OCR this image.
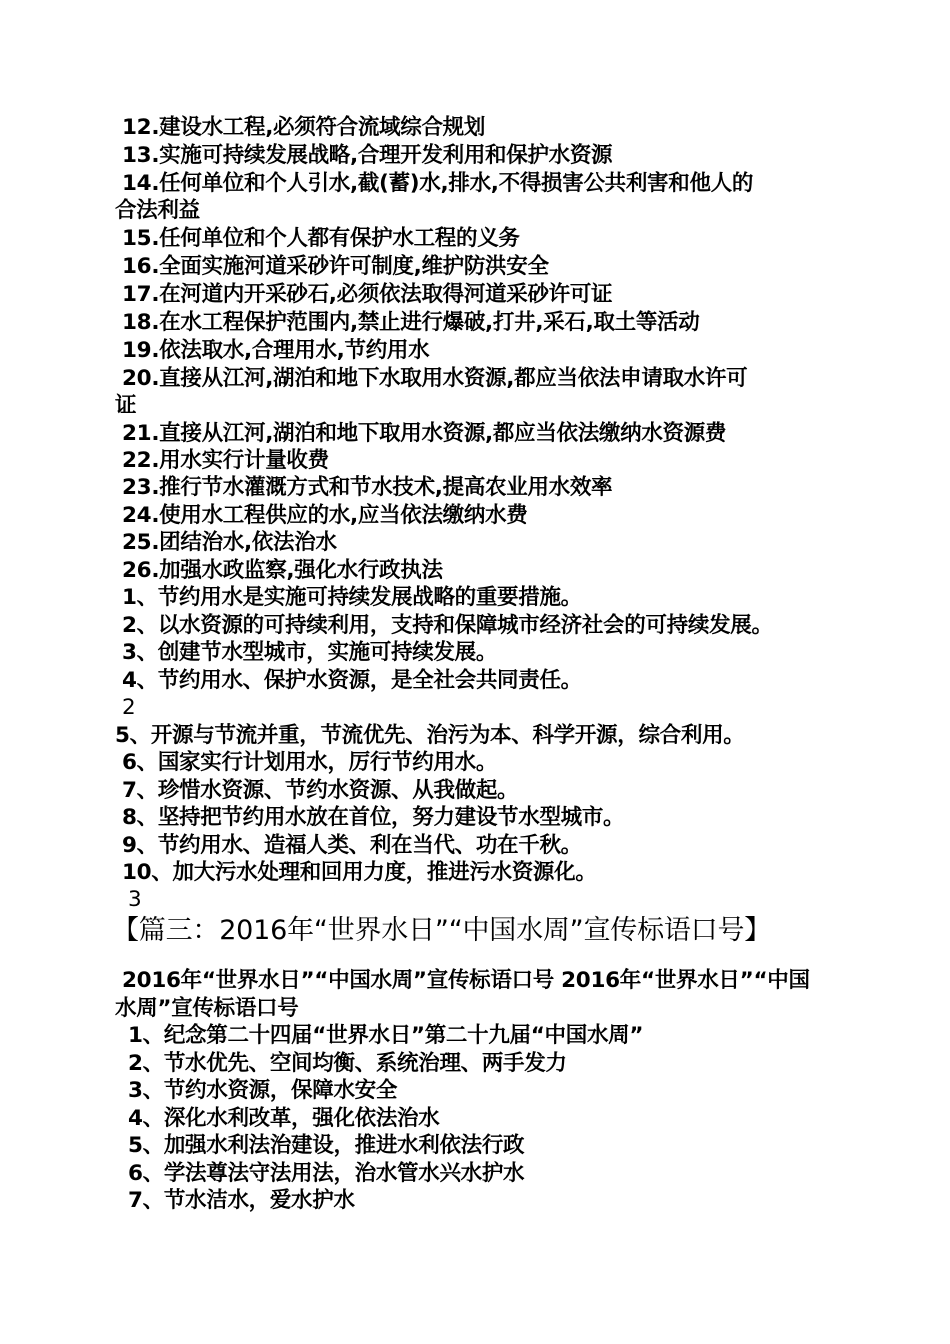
12.建设水工程,必须符合流域综合规划
13.实施可持续发展战略,合理开发利用和保护水资源
14.任何单位和个人引水,截(蓄)水,排水,不得损害公共利害和他人的
合法利益
15.任何单位和个人都有保护水工程的义务
16.全面实施河道采砂许可制度,维护防洪安全
17.在河道内开采砂石,必须依法取得河道采砂许可证
18.在水工程保护范围内,禁止进行爆破,打井,采石,取土等活动
19.依法取水,合理用水,节约用水
20.直接从江河,湖泊和地下水取用水资源,都应当依法申请取水许可
证
21.直接从江河,湖泊和地下取用水资源,都应当依法缴纳水资源费
22.用水实行计量收费
23.推行节水灌溉方式和节水技术,提高农业用水效率
24.使用水工程供应的水,应当依法缴纳水费
25.团结治水,依法治水
26.加强水政监察,强化水行政执法
1、节约用水是实施可持续发展战略的重要措施。
2、以水资源的可持续利用，支持和保障城市经济社会的可持续发展。
3、创建节水型城市，实施可持续发展。
4、节约用水、保护水资源，是全社会共同责任。
2
5、开源与节流并重，节流优先、治污为本、科学开源，综合利用。
6、国家实行计划用水，厉行节约用水。
7、珍惜水资源、节约水资源、从我做起。
8、坚持把节约用水放在首位，努力建设节水型城市。
9、节约用水、造福人类、利在当代、功在千秋。
10、加大污水处理和回用力度，推进污水资源化。
3
【篇三：2016年“世界水日”“中国水周”宣传标语口号】
2016年“世界水日”“中国水周”宣传标语口号 2016年“世界水日”“中国
水周”宣传标语口号
1、纪念第二十四届“世界水日”第二十九届“中国水周”
2、节水优先、空间均衡、系统治理、两手发力
3、节约水资源，保障水安全
4、深化水利改革，强化依法治水
5、加强水利法治建设，推进水利依法行政
6、学法尊法守法用法，治水管水兴水护水
7、节水洁水，爱水护水
